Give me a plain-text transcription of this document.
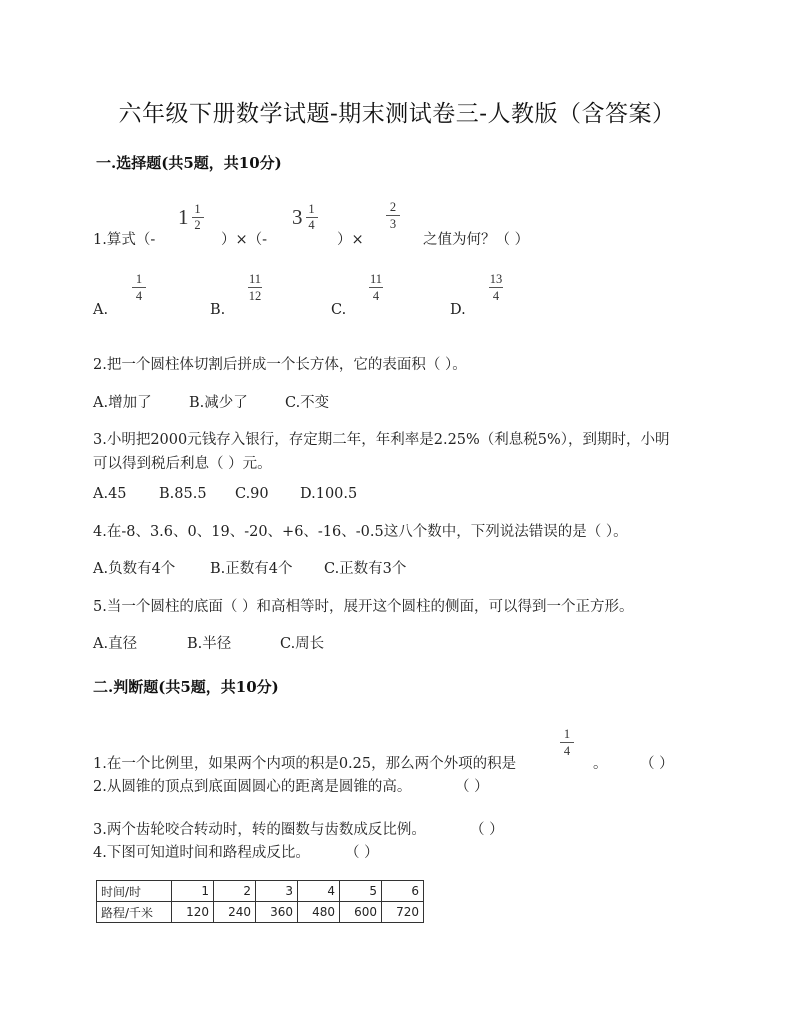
六年级下册数学试题-期末测试卷三-人教版（含答案）
一.选择题(共5题，共10分)
1.算式（-
1 1
2
）×（-
3 1
4
）×
2
3
之值为何？（ ）
A.
1
4
B.
11
12
C.
11
4
D.
13
4
2.把一个圆柱体切割后拼成一个长方体，它的表面积（ ）。
A.增加了	B.减少了	C.不变
3.小明把2000元钱存入银行，存定期二年，年利率是2.25%（利息税5%），到期时，小明
可以得到税后利息（ ）元。
A.45 B.85.5 C.90 D.100.5
4.在-8、3.6、0、19、-20、+6、-16、-0.5这八个数中，下列说法错误的是（ ）。
A.负数有4个 B.正数有4个 C.正数有3个
5.当一个圆柱的底面（ ）和高相等时，展开这个圆柱的侧面，可以得到一个正方形。
A.直径	B.半径	C.周长
二.判断题(共5题，共10分)
1.在一个比例里，如果两个内项的积是0.25，那么两个外项的积是
1
4
。 （ ）
2.从圆锥的顶点到底面圆圆心的距离是圆锥的高。	（ ）
3.两个齿轮咬合转动时，转的圈数与齿数成反比例。	（ ）
4.下图可知道时间和路程成反比。 （ ）
时间/时	1	2	3	4	5	6
路程/千米	120	240	360	480	600	720
